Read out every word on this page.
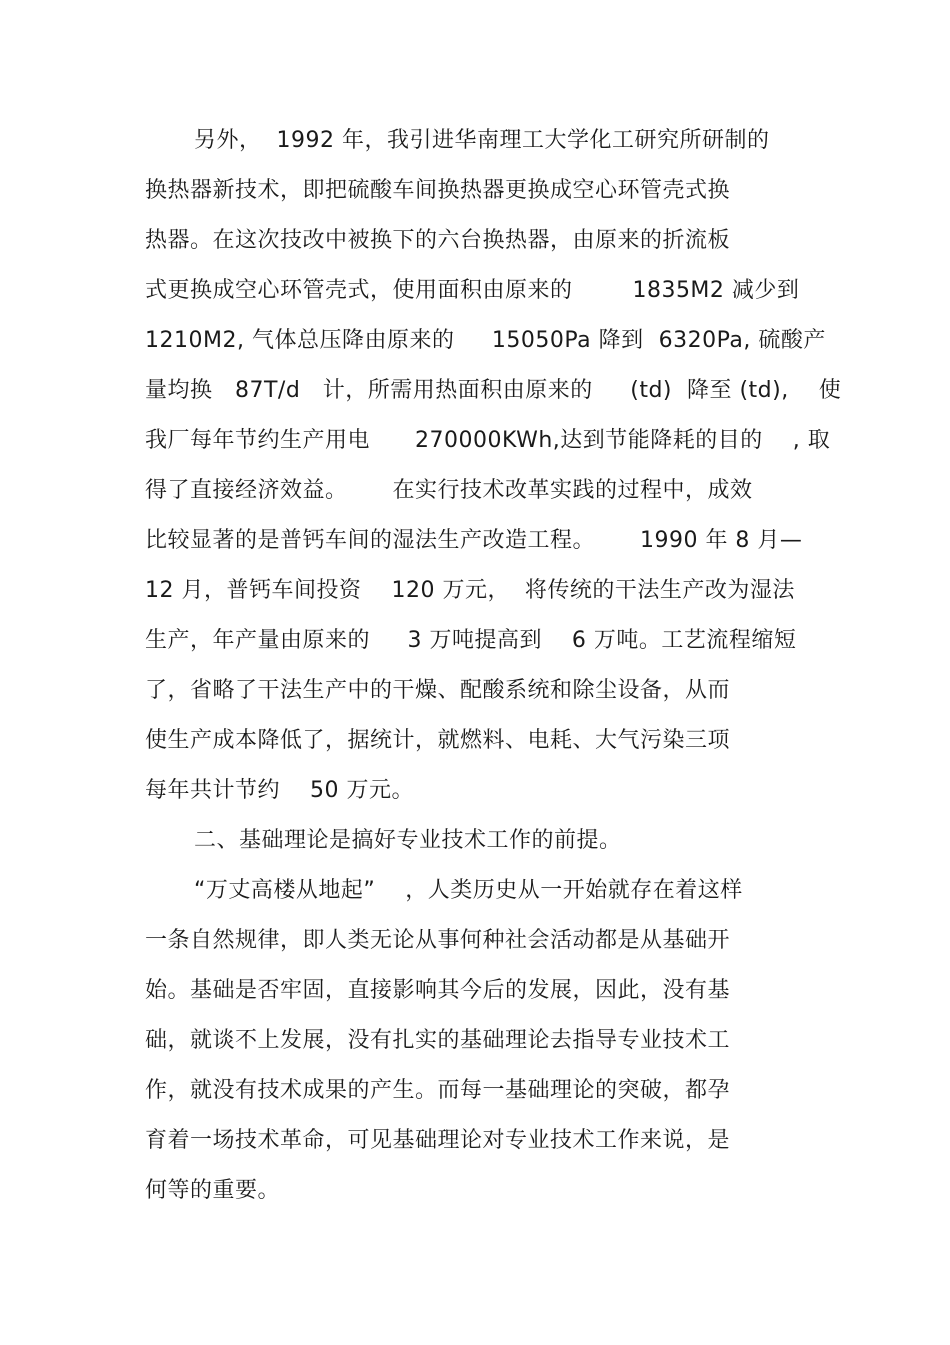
另外，  1992 年，我引进华南理工大学化工研究所研制的
换热器新技术，即把硫酸车间换热器更换成空心环管壳式换
热器。在这次技改中被换下的六台换热器，由原来的折流板
式更换成空心环管壳式，使用面积由原来的        1835M2 减少到
1210M2, 气体总压降由原来的     15050Pa 降到  6320Pa, 硫酸产
量均换   87T/d   计，所需用热面积由原来的     (td)  降至 (td),    使
我厂每年节约生产用电      270000KWh,达到节能降耗的目的    , 取
得了直接经济效益。      在实行技术改革实践的过程中，成效
比较显著的是普钙车间的湿法生产改造工程。      1990 年 8 月—
12 月，普钙车间投资    120 万元，  将传统的干法生产改为湿法
生产，年产量由原来的     3 万吨提高到    6 万吨。工艺流程缩短
了，省略了干法生产中的干燥、配酸系统和除尘设备，从而
使生产成本降低了，据统计，就燃料、电耗、大气污染三项
每年共计节约    50 万元。
二、基础理论是搞好专业技术工作的前提。
“万丈高楼从地起”    ，人类历史从一开始就存在着这样
一条自然规律，即人类无论从事何种社会活动都是从基础开
始。基础是否牢固，直接影响其今后的发展，因此，没有基
础，就谈不上发展，没有扎实的基础理论去指导专业技术工
作，就没有技术成果的产生。而每一基础理论的突破，都孕
育着一场技术革命，可见基础理论对专业技术工作来说，是
何等的重要。
